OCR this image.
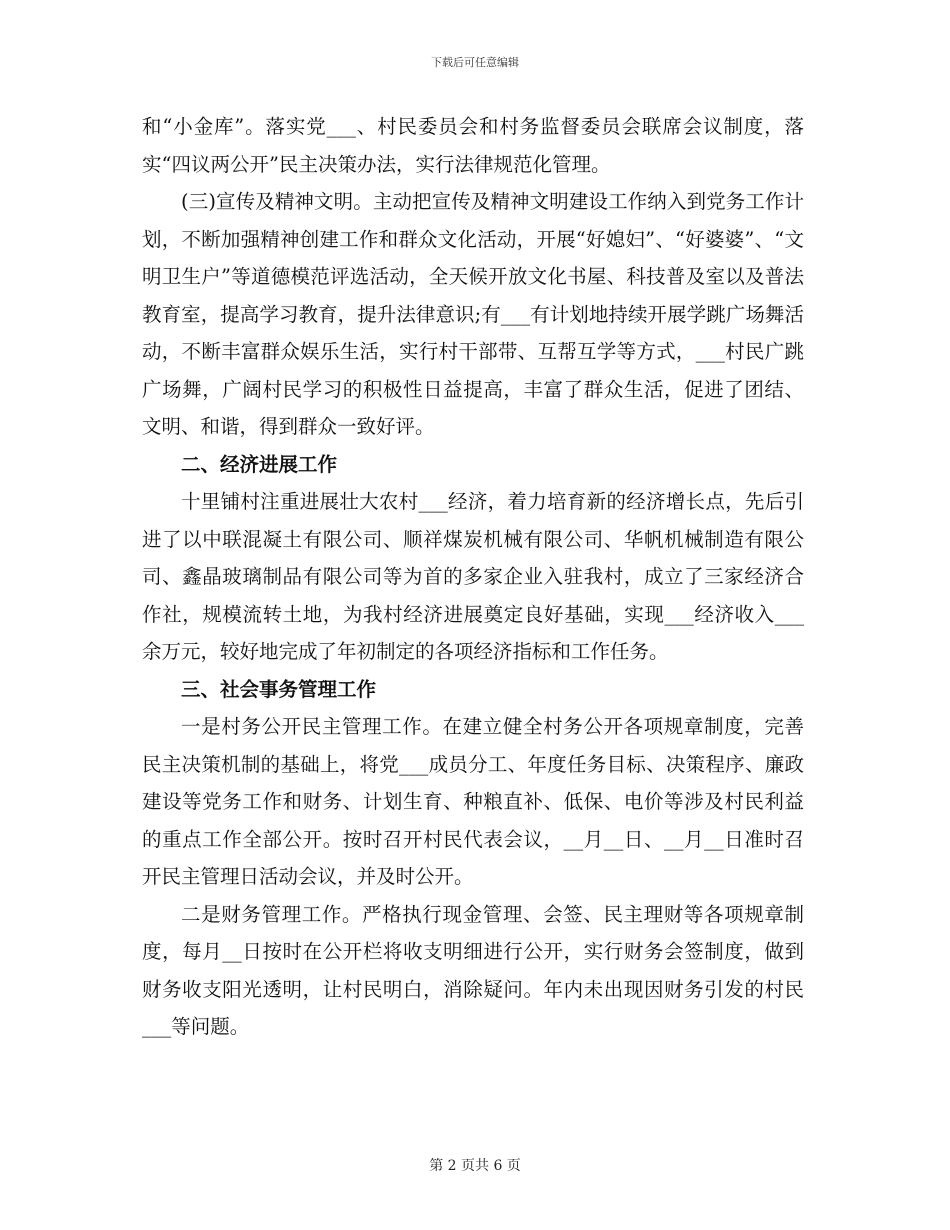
下载后可任意编辑

和“小金库”。落实党___、村民委员会和村务监督委员会联席会议制度，落实“四议两公开”民主决策办法，实行法律规范化管理。

(三)宣传及精神文明。主动把宣传及精神文明建设工作纳入到党务工作计划，不断加强精神创建工作和群众文化活动，开展“好媳妇”、“好婆婆”、“文明卫生户”等道德模范评选活动，全天候开放文化书屋、科技普及室以及普法教育室，提高学习教育，提升法律意识;有___有计划地持续开展学跳广场舞活动，不断丰富群众娱乐生活，实行村干部带、互帮互学等方式，___村民广跳广场舞，广阔村民学习的积极性日益提高，丰富了群众生活，促进了团结、文明、和谐，得到群众一致好评。

二、经济进展工作

十里铺村注重进展壮大农村___经济，着力培育新的经济增长点，先后引进了以中联混凝土有限公司、顺祥煤炭机械有限公司、华帆机械制造有限公司、鑫晶玻璃制品有限公司等为首的多家企业入驻我村，成立了三家经济合作社，规模流转土地，为我村经济进展奠定良好基础，实现___经济收入___余万元，较好地完成了年初制定的各项经济指标和工作任务。

三、社会事务管理工作

一是村务公开民主管理工作。在建立健全村务公开各项规章制度，完善民主决策机制的基础上，将党___成员分工、年度任务目标、决策程序、廉政建设等党务工作和财务、计划生育、种粮直补、低保、电价等涉及村民利益的重点工作全部公开。按时召开村民代表会议，__月__日、__月__日准时召开民主管理日活动会议，并及时公开。

二是财务管理工作。严格执行现金管理、会签、民主理财等各项规章制度，每月__日按时在公开栏将收支明细进行公开，实行财务会签制度，做到财务收支阳光透明，让村民明白，消除疑问。年内未出现因财务引发的村民___等问题。

第 2 页共 6 页
